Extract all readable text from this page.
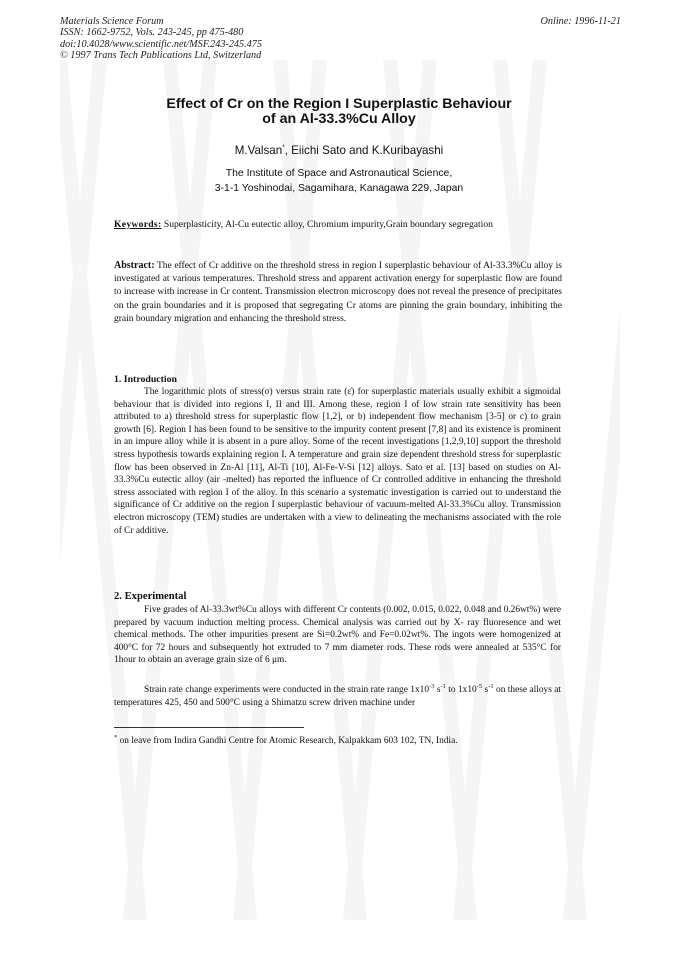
Materials Science Forum
ISSN: 1662-9752, Vols. 243-245, pp 475-480
doi:10.4028/www.scientific.net/MSF.243-245.475
© 1997 Trans Tech Publications Ltd, Switzerland
Online: 1996-11-21
Effect of Cr on the Region I Superplastic Behaviour
of an Al-33.3%Cu Alloy
M.Valsan*, Eiichi Sato and K.Kuribayashi
The Institute of Space and Astronautical Science,
3-1-1 Yoshinodai, Sagamihara, Kanagawa 229, Japan
Keywords: Superplasticity, Al-Cu eutectic alloy, Chromium impurity,Grain boundary segregation
Abstract: The effect of Cr additive on the threshold stress in region I superplastic behaviour of Al-33.3%Cu alloy is investigated at various temperatures. Threshold stress and apparent activation energy for superplastic flow are found to increase with increase in Cr content. Transmission electron microscopy does not reveal the presence of precipitates on the grain boundaries and it is proposed that segregating Cr atoms are pinning the grain boundary, inhibiting the grain boundary migration and enhancing the threshold stress.
1. Introduction
The logarithmic plots of stress(σ) versus strain rate (ε̇) for superplastic materials usually exhibit a sigmoidal behaviour that is divided into regions I, II and III. Among these, region I of low strain rate sensitivity has been attributed to a) threshold stress for superplastic flow [1,2], or b) independent flow mechanism [3-5] or c) to grain growth [6]. Region I has been found to be sensitive to the impurity content present [7,8] and its existence is prominent in an impure alloy while it is absent in a pure alloy. Some of the recent investigations [1,2,9,10] support the threshold stress hypothesis towards explaining region I. A temperature and grain size dependent threshold stress for superplastic flow has been observed in Zn-Al [11], Al-Ti [10], Al-Fe-V-Si [12] alloys. Sato et al. [13] based on studies on Al-33.3%Cu eutectic alloy (air -melted) has reported the influence of Cr controlled additive in enhancing the threshold stress associated with region I of the alloy. In this scenario a systematic investigation is carried out to understand the significance of Cr additive on the region I superplastic behaviour of vacuum-melted Al-33.3%Cu alloy. Transmission electron microscopy (TEM) studies are undertaken with a view to delineating the mechanisms associated with the role of Cr additive.
2. Experimental
Five grades of Al-33.3wt%Cu alloys with different Cr contents (0.002, 0.015, 0.022, 0.048 and 0.26wt%) were prepared by vacuum induction melting process. Chemical analysis was carried out by X- ray fluoresence and wet chemical methods. The other impurities present are Si=0.2wt% and Fe=0.02wt%. The ingots were homogenized at 400°C for 72 hours and subsequently hot extruded to 7 mm diameter rods. These rods were annealed at 535°C for 1hour to obtain an average grain size of 6 μm.
Strain rate change experiments were conducted in the strain rate range $1x10^{-3}$ $s^{-1}$ to $1x10^{-5}$ $s^{-1}$ on these alloys at temperatures 425, 450 and 500°C using a Shimatzu screw driven machine under
* on leave from Indira Gandhi Centre for Atomic Research, Kalpakkam 603 102, TN, India.
